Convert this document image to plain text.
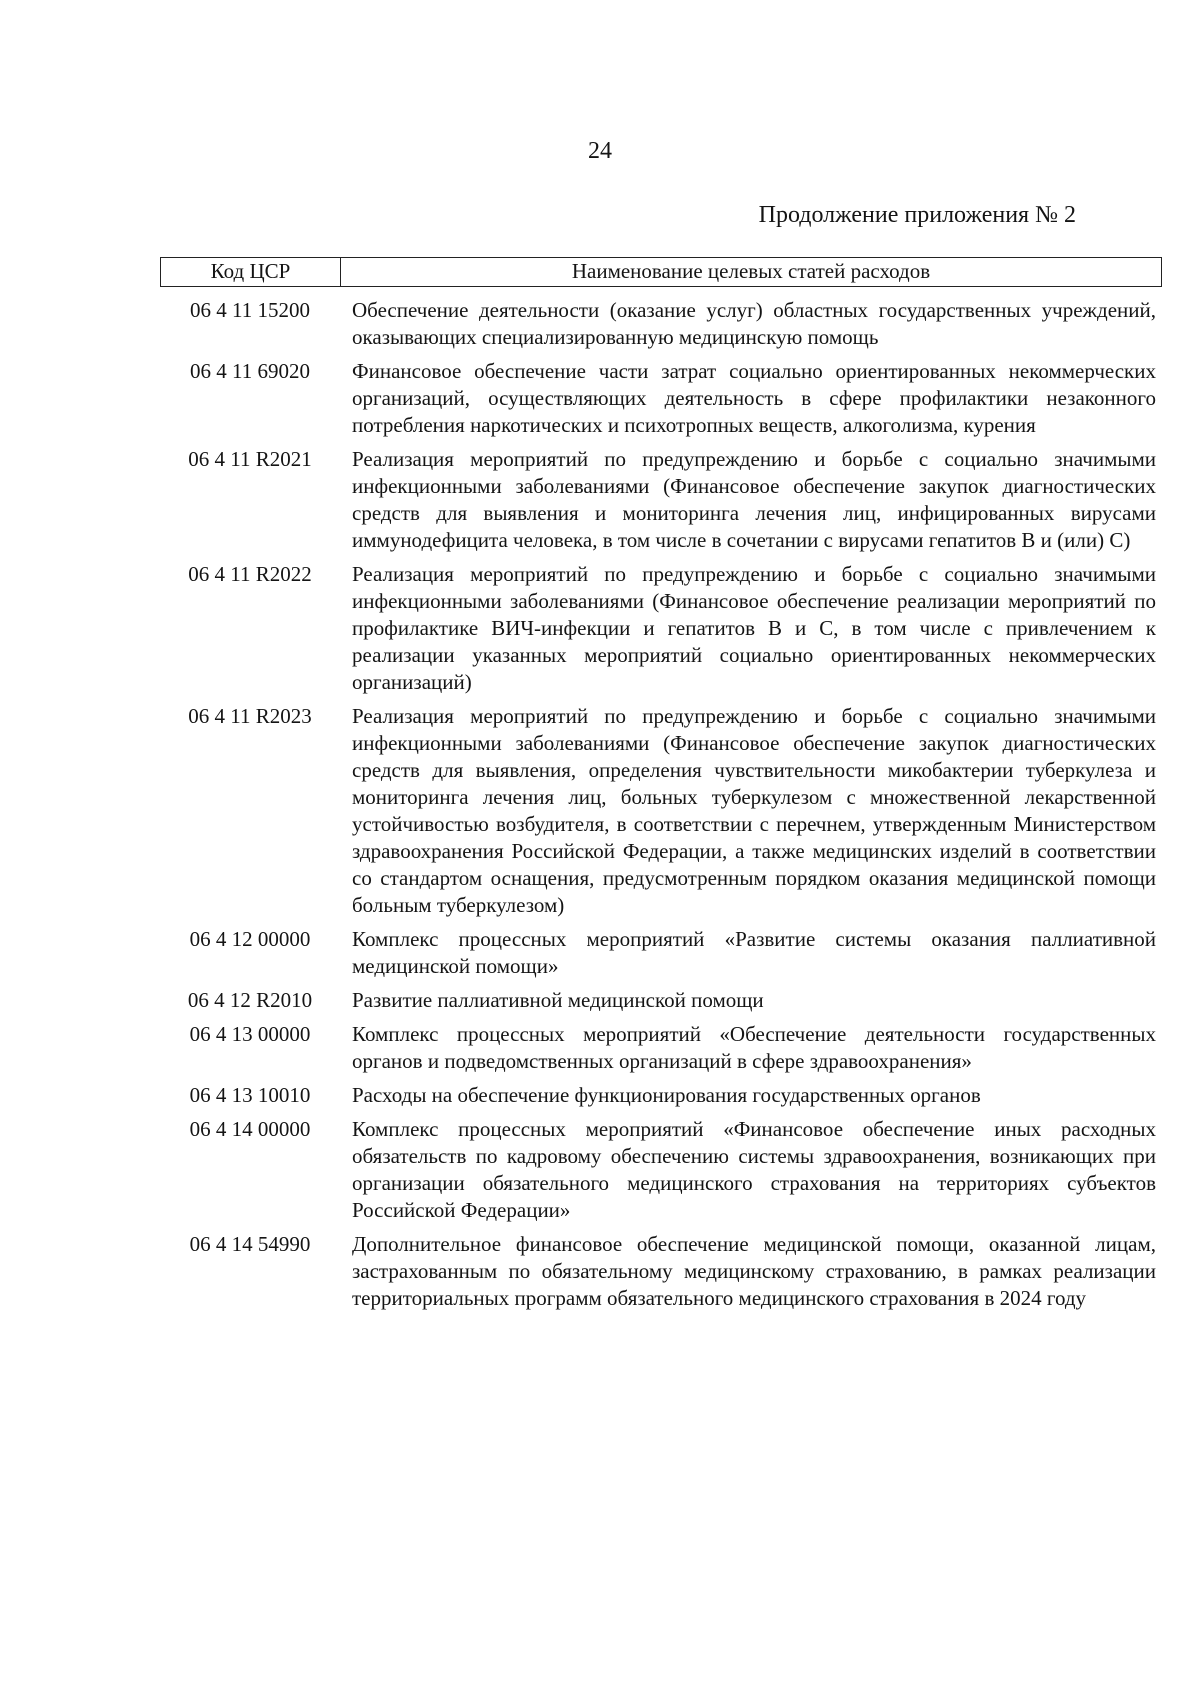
24
Продолжение приложения № 2
Код ЦСР	Наименование целевых статей расходов
06 4 11 15200	Обеспечение деятельности (оказание услуг) областных государственных учреждений, оказывающих специализированную медицинскую помощь
06 4 11 69020	Финансовое обеспечение части затрат социально ориентированных некоммерческих организаций, осуществляющих деятельность в сфере профилактики незаконного потребления наркотических и психотропных веществ, алкоголизма, курения
06 4 11 R2021	Реализация мероприятий по предупреждению и борьбе с социально значимыми инфекционными заболеваниями (Финансовое обеспечение закупок диагностических средств для выявления и мониторинга лечения лиц, инфицированных вирусами иммунодефицита человека, в том числе в сочетании с вирусами гепатитов B и (или) C)
06 4 11 R2022	Реализация мероприятий по предупреждению и борьбе с социально значимыми инфекционными заболеваниями (Финансовое обеспечение реализации мероприятий по профилактике ВИЧ-инфекции и гепатитов B и C, в том числе с привлечением к реализации указанных мероприятий социально ориентированных некоммерческих организаций)
06 4 11 R2023	Реализация мероприятий по предупреждению и борьбе с социально значимыми инфекционными заболеваниями (Финансовое обеспечение закупок диагностических средств для выявления, определения чувствительности микобактерии туберкулеза и мониторинга лечения лиц, больных туберкулезом с множественной лекарственной устойчивостью возбудителя, в соответствии с перечнем, утвержденным Министерством здравоохранения Российской Федерации, а также медицинских изделий в соответствии со стандартом оснащения, предусмотренным порядком оказания медицинской помощи больным туберкулезом)
06 4 12 00000	Комплекс процессных мероприятий «Развитие системы оказания паллиативной медицинской помощи»
06 4 12 R2010	Развитие паллиативной медицинской помощи
06 4 13 00000	Комплекс процессных мероприятий «Обеспечение деятельности государственных органов и подведомственных организаций в сфере здравоохранения»
06 4 13 10010	Расходы на обеспечение функционирования государственных органов
06 4 14 00000	Комплекс процессных мероприятий «Финансовое обеспечение иных расходных обязательств по кадровому обеспечению системы здравоохранения, возникающих при организации обязательного медицинского страхования на территориях субъектов Российской Федерации»
06 4 14 54990	Дополнительное финансовое обеспечение медицинской помощи, оказанной лицам, застрахованным по обязательному медицинскому страхованию, в рамках реализации территориальных программ обязательного медицинского страхования в 2024 году
